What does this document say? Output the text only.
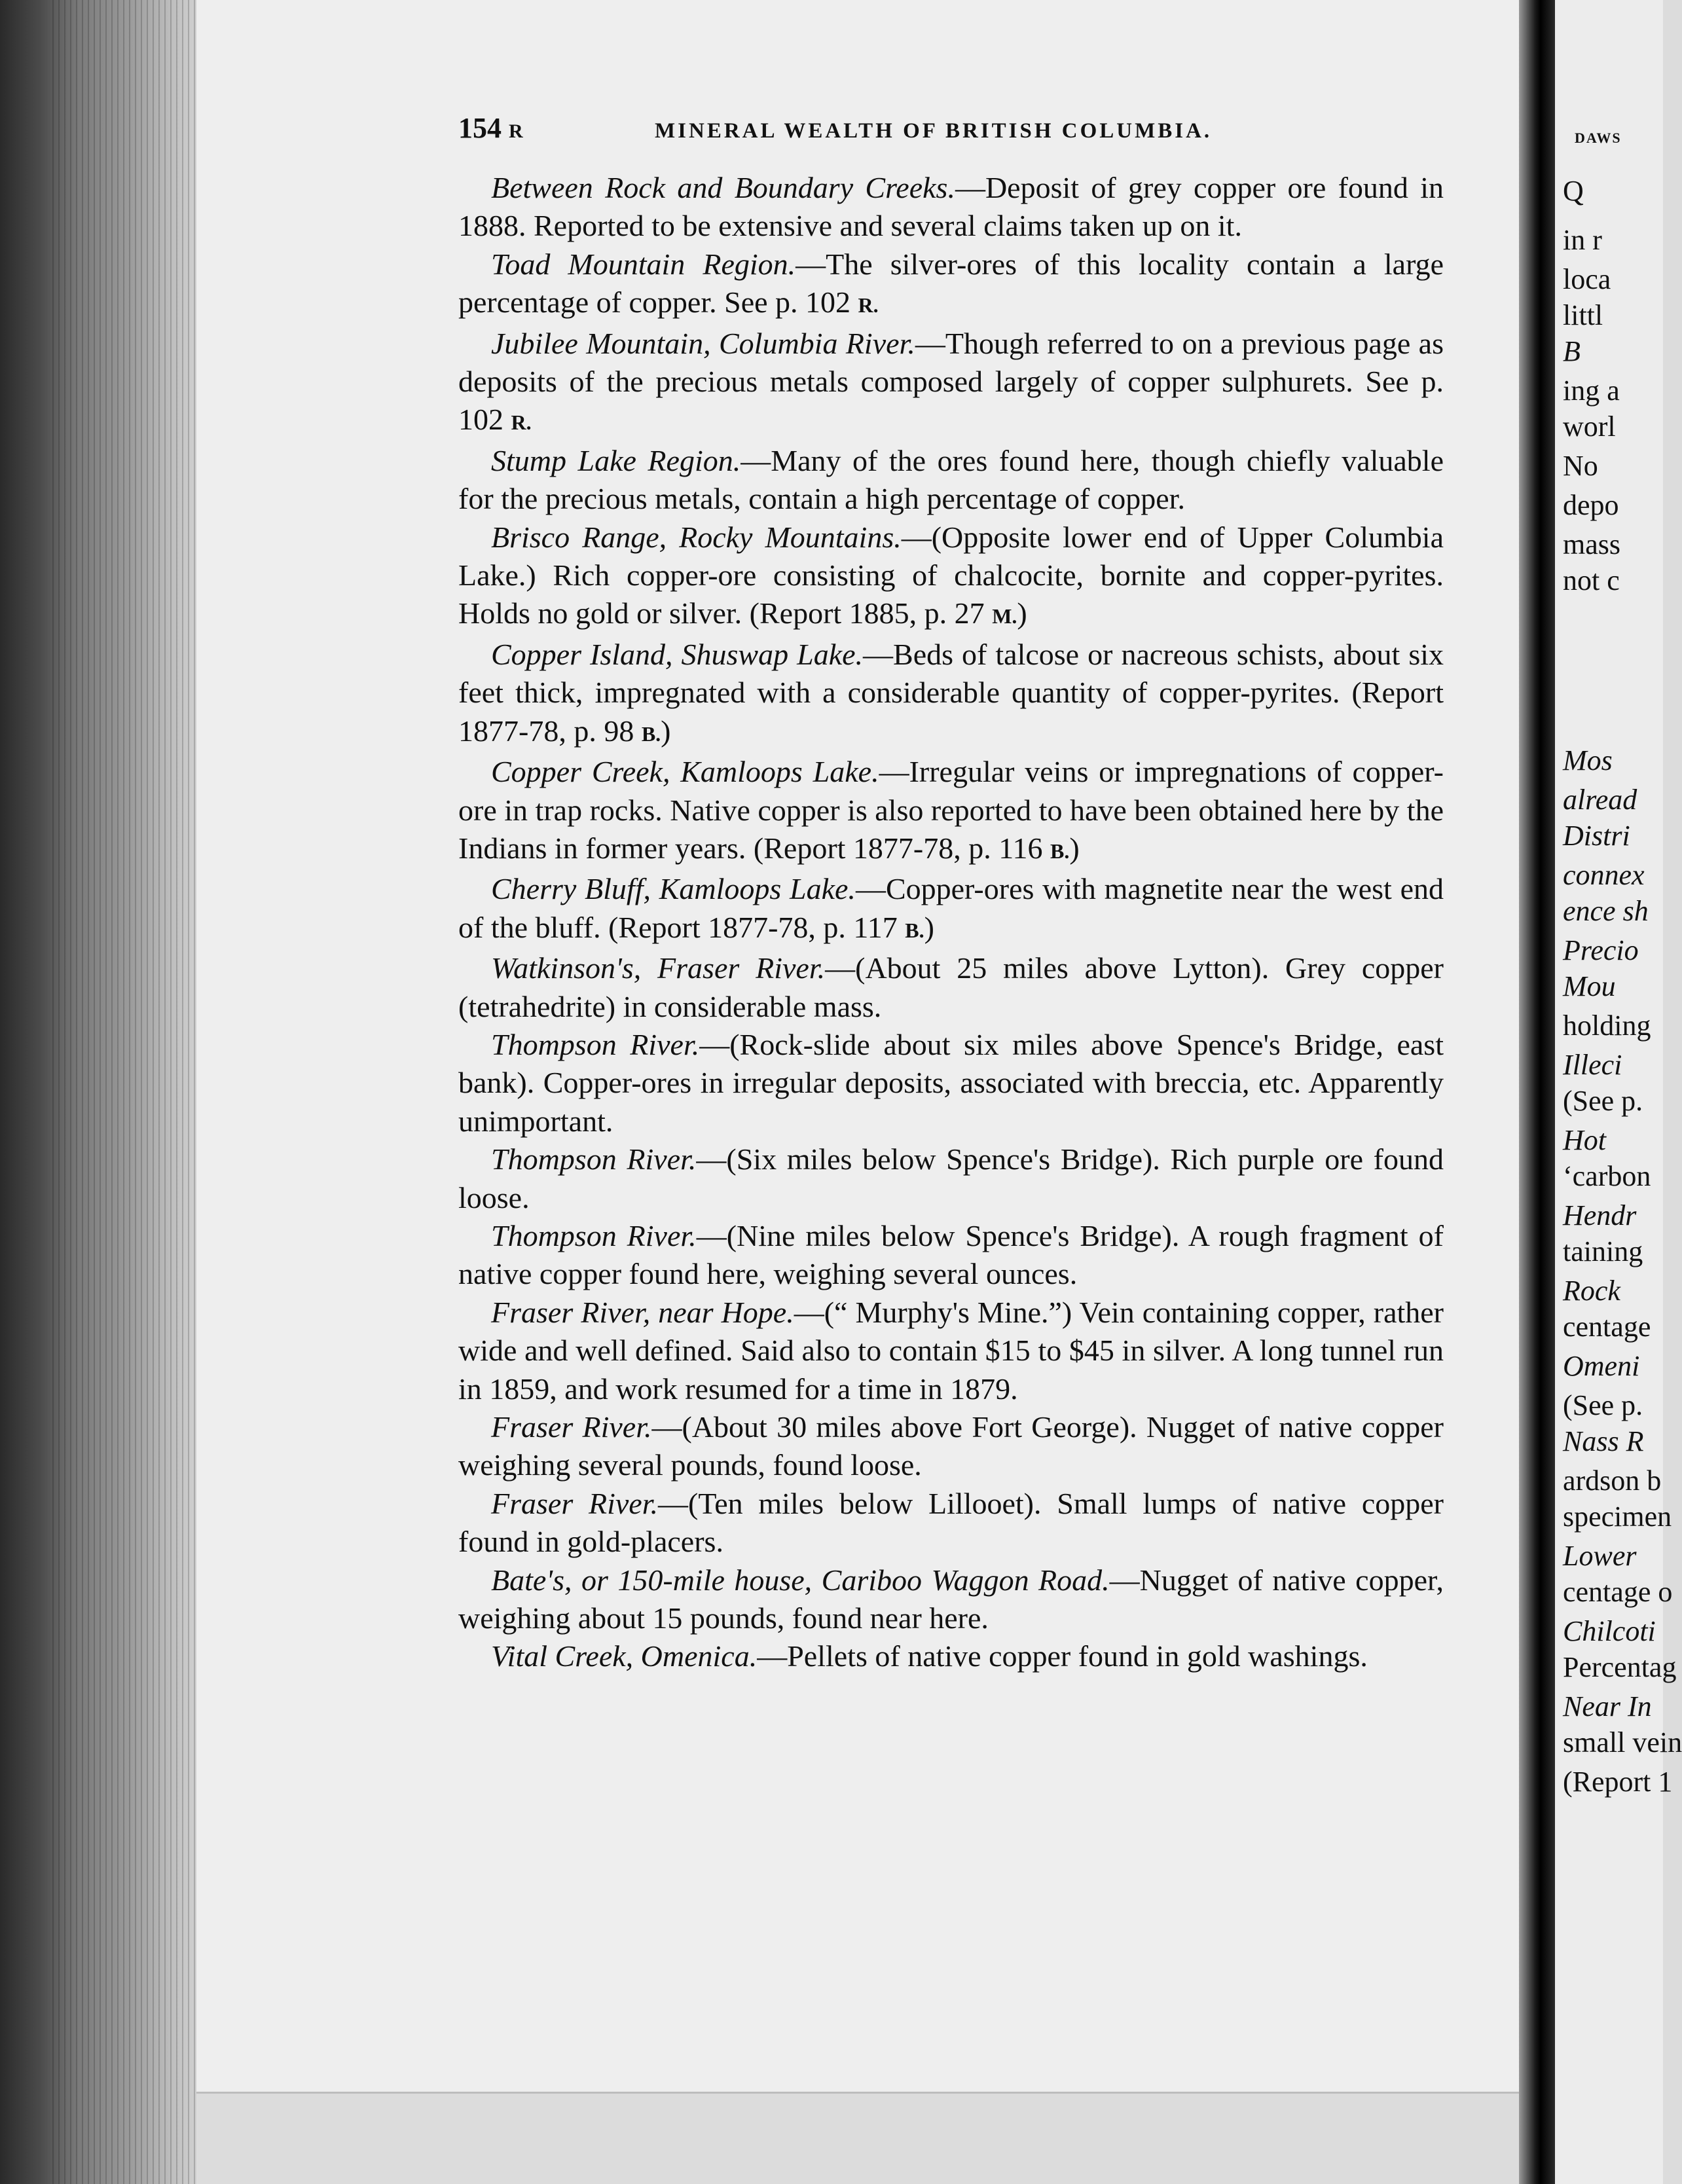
154 R	MINERAL WEALTH OF BRITISH COLUMBIA.

Between Rock and Boundary Creeks.—Deposit of grey copper ore found in 1888. Reported to be extensive and several claims taken up on it.

Toad Mountain Region.—The silver-ores of this locality contain a large percentage of copper. See p. 102 R.

Jubilee Mountain, Columbia River.—Though referred to on a previous page as deposits of the precious metals composed largely of copper sulphurets. See p. 102 R.

Stump Lake Region.—Many of the ores found here, though chiefly valuable for the precious metals, contain a high percentage of copper.

Brisco Range, Rocky Mountains.—(Opposite lower end of Upper Columbia Lake.) Rich copper-ore consisting of chalcocite, bornite and copper-pyrites. Holds no gold or silver. (Report 1885, p. 27 M.)

Copper Island, Shuswap Lake.—Beds of talcose or nacreous schists, about six feet thick, impregnated with a considerable quantity of copper-pyrites. (Report 1877-78, p. 98 B.)

Copper Creek, Kamloops Lake.—Irregular veins or impregnations of copper-ore in trap rocks. Native copper is also reported to have been obtained here by the Indians in former years. (Report 1877-78, p. 116 B.)

Cherry Bluff, Kamloops Lake.—Copper-ores with magnetite near the west end of the bluff. (Report 1877-78, p. 117 B.)

Watkinson's, Fraser River.—(About 25 miles above Lytton). Grey copper (tetrahedrite) in considerable mass.

Thompson River.—(Rock-slide about six miles above Spence's Bridge, east bank). Copper-ores in irregular deposits, associated with breccia, etc. Apparently unimportant.

Thompson River.—(Six miles below Spence's Bridge). Rich purple ore found loose.

Thompson River.—(Nine miles below Spence's Bridge). A rough fragment of native copper found here, weighing several ounces.

Fraser River, near Hope.—(“ Murphy's Mine.”) Vein containing copper, rather wide and well defined. Said also to contain $15 to $45 in silver. A long tunnel run in 1859, and work resumed for a time in 1879.

Fraser River.—(About 30 miles above Fort George). Nugget of native copper weighing several pounds, found loose.

Fraser River.—(Ten miles below Lillooet). Small lumps of native copper found in gold-placers.

Bate's, or 150-mile house, Cariboo Waggon Road.—Nugget of native copper, weighing about 15 pounds, found near here.

Vital Creek, Omenica.—Pellets of native copper found in gold washings.

DAWS
Q
in r
loca
littl
B
ing a
worl
No
depo
mass
not c
Mos
alread
Distri
connex
ence sh
Precio
Mou
holding
Illeci
(See p.
Hot
‘carbon
Hendr
taining
Rock
centage
Omeni
(See p.
Nass R
ardson b
specimen
Lower
centage o
Chilcoti
Percentag
Near In
small vein
(Report 1
